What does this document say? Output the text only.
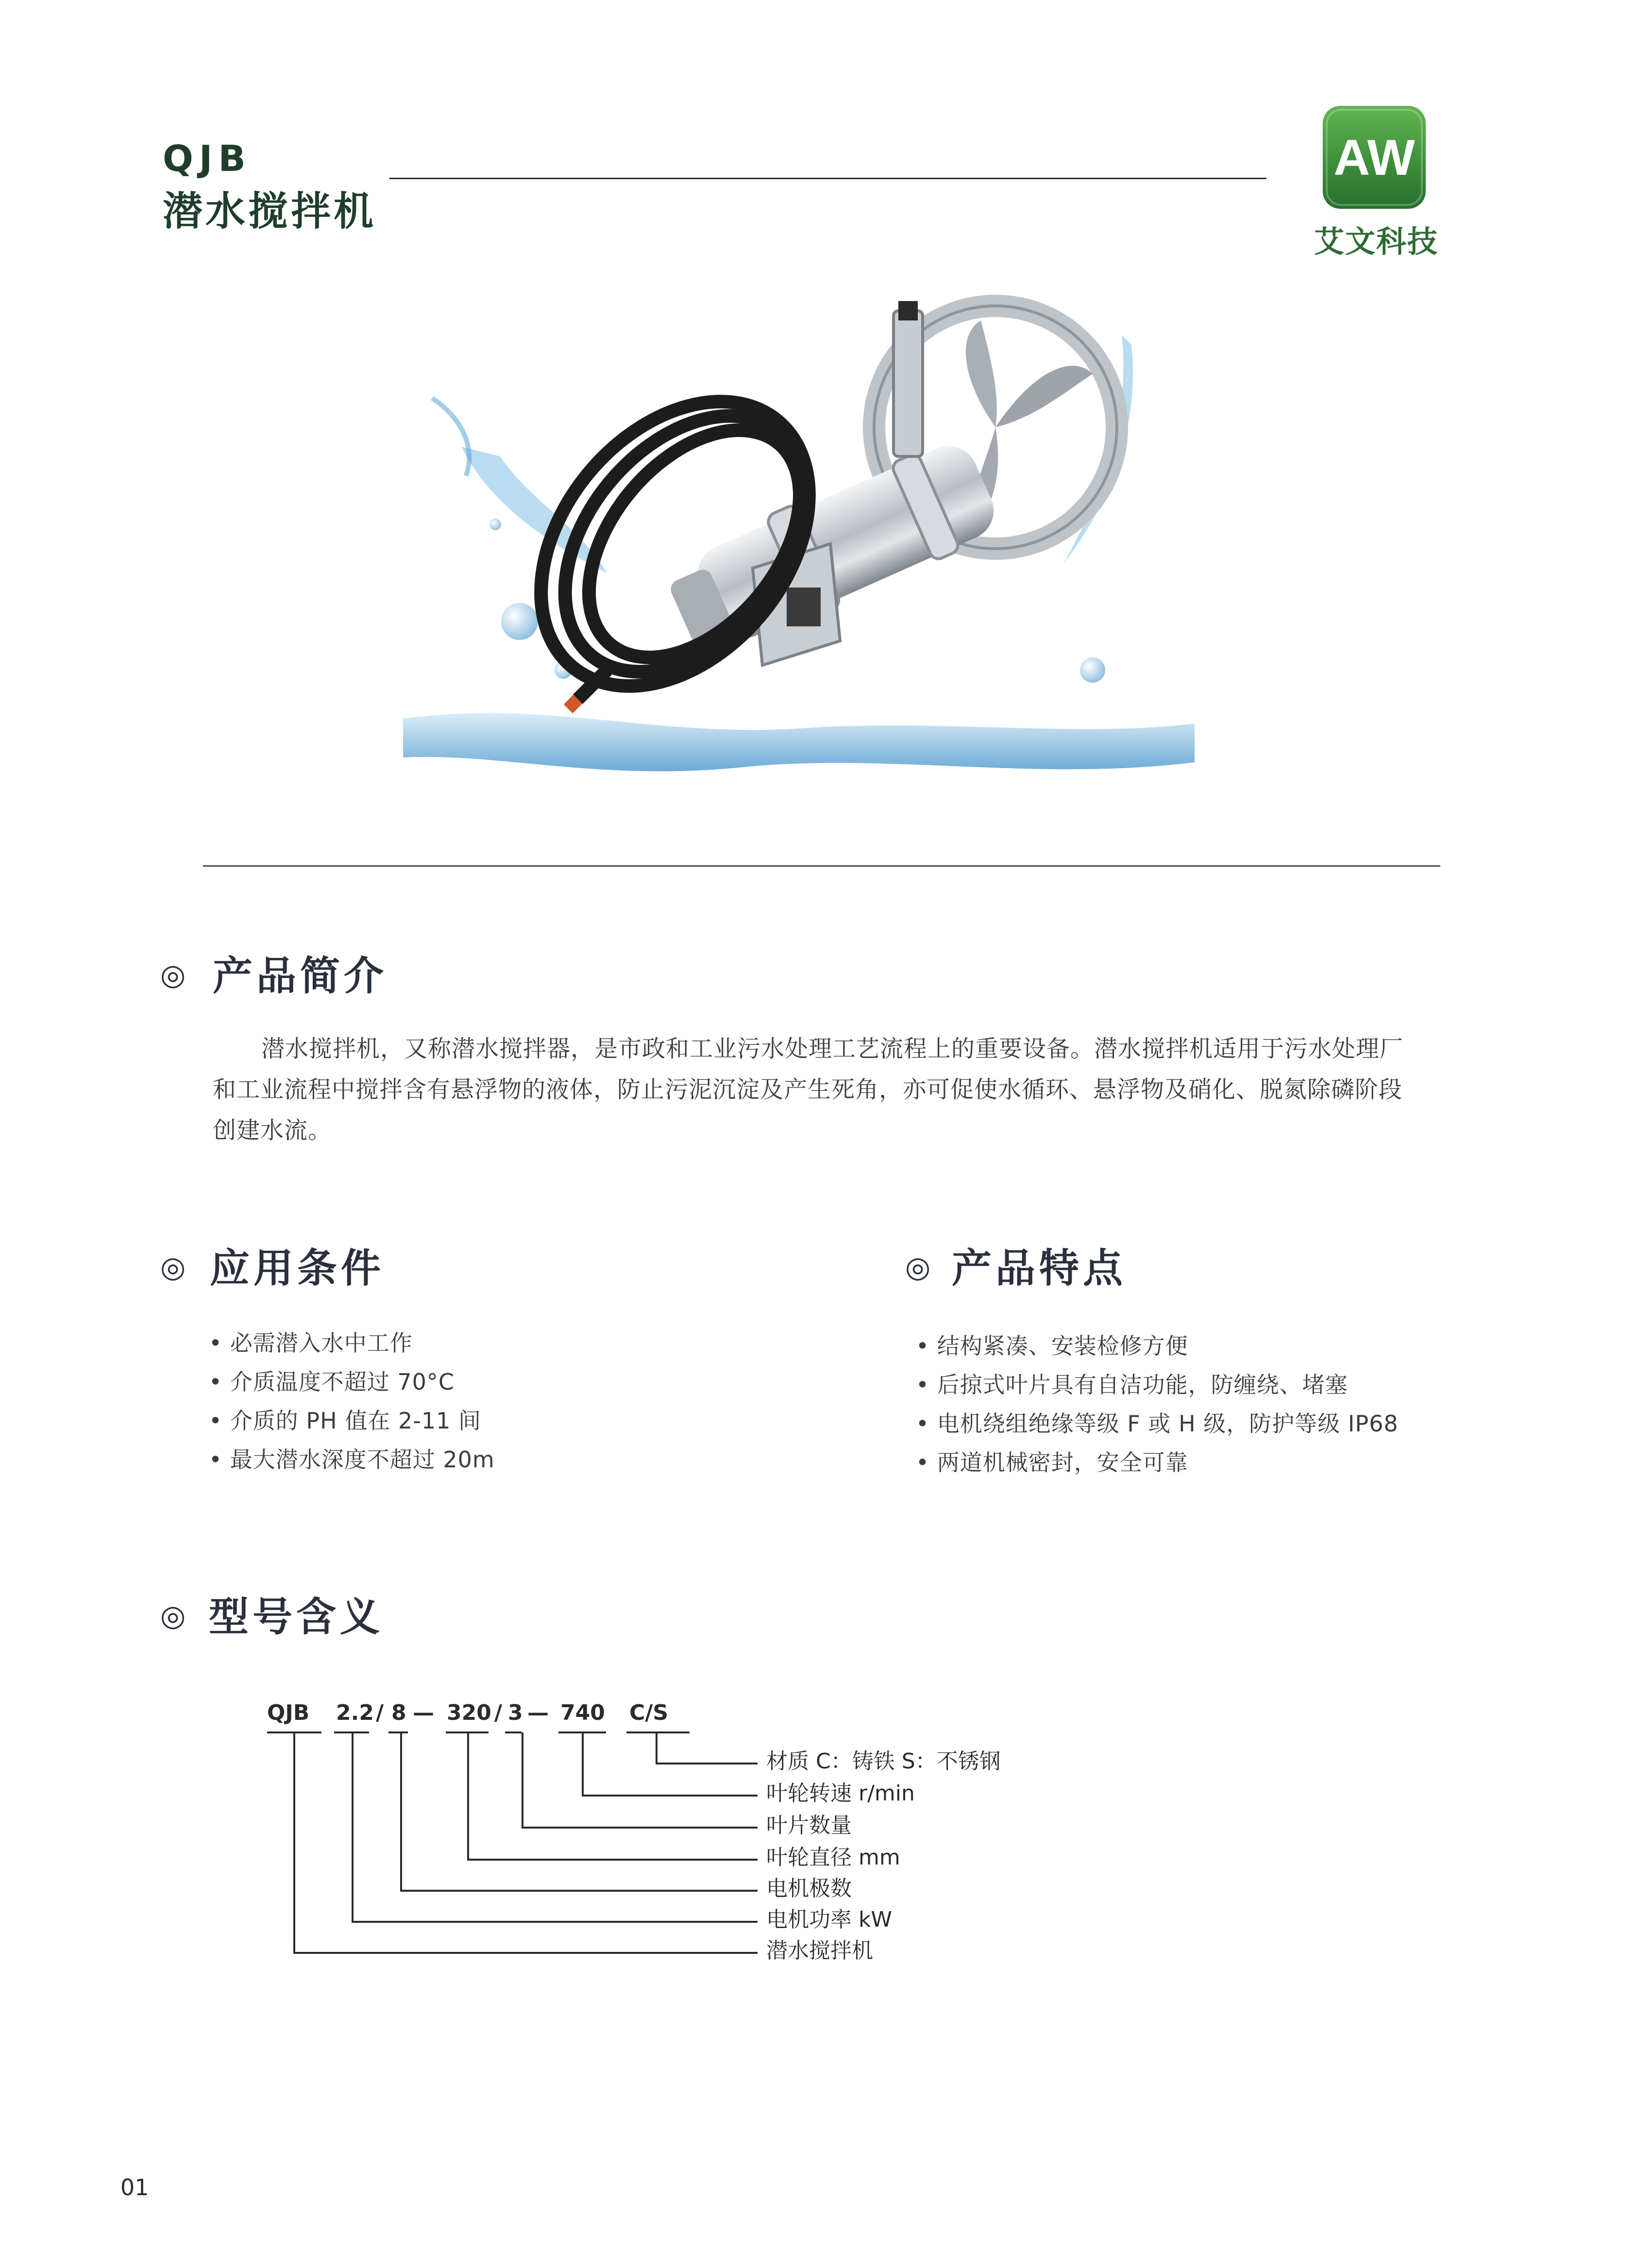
QJB
潜水搅拌机
AW
艾文科技
◎ 产品简介

潜水搅拌机，又称潜水搅拌器，是市政和工业污水处理工艺流程上的重要设备。潜水搅拌机适用于污水处理厂

和工业流程中搅拌含有悬浮物的液体，防止污泥沉淀及产生死角，亦可促使水循环、悬浮物及硝化、脱氮除磷阶段

创建水流。

◎ 应用条件
• 必需潜入水中工作
• 介质温度不超过 70°C
• 介质的 PH 值在 2-11 间
• 最大潜水深度不超过 20m
◎ 产品特点
• 结构紧凑、安装检修方便
• 后掠式叶片具有自洁功能，防缠绕、堵塞
• 电机绕组绝缘等级 F 或 H 级，防护等级 IP68
• 两道机械密封，安全可靠
◎ 型号含义
QJB 2.2 / 8 — 320 / 3 — 740 C/S
材质 C：铸铁 S：不锈钢
叶轮转速 r/min
叶片数量
叶轮直径 mm
电机极数
电机功率 kW
潜水搅拌机
01
